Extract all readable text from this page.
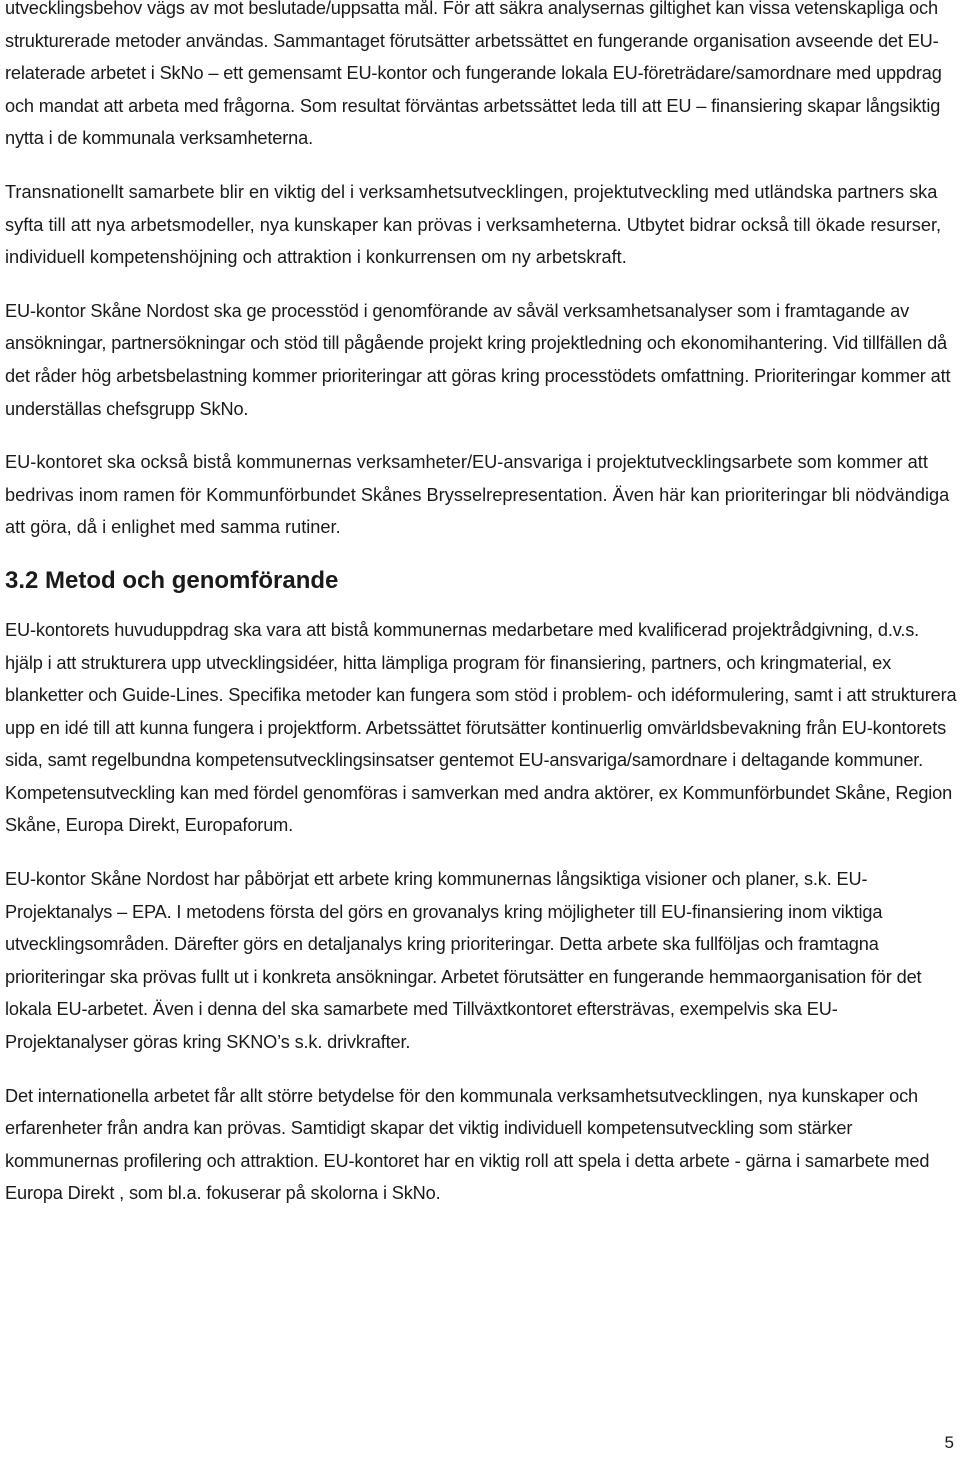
utvecklingsbehov vägs av mot beslutade/uppsatta mål. För att säkra analysernas giltighet kan vissa vetenskapliga och strukturerade metoder användas. Sammantaget förutsätter arbetssättet en fungerande organisation avseende det EU-relaterade arbetet i SkNo – ett gemensamt EU-kontor och fungerande lokala EU-företrädare/samordnare med uppdrag och mandat att arbeta med frågorna. Som resultat förväntas arbetssättet leda till att EU – finansiering skapar långsiktig nytta i de kommunala verksamheterna.

Transnationellt samarbete blir en viktig del i verksamhetsutvecklingen, projektutveckling med utländska partners ska syfta till att nya arbetsmodeller, nya kunskaper kan prövas i verksamheterna. Utbytet bidrar också till ökade resurser, individuell kompetenshöjning och attraktion i konkurrensen om ny arbetskraft.

EU-kontor Skåne Nordost ska ge processtöd i genomförande av såväl verksamhetsanalyser som i framtagande av ansökningar, partnersökningar och stöd till pågående projekt kring projektledning och ekonomihantering. Vid tillfällen då det råder hög arbetsbelastning kommer prioriteringar att göras kring processtödets omfattning. Prioriteringar kommer att underställas chefsgrupp SkNo.

EU-kontoret ska också bistå kommunernas verksamheter/EU-ansvariga i projektutvecklingsarbete som kommer att bedrivas inom ramen för Kommunförbundet Skånes Brysselrepresentation. Även här kan prioriteringar bli nödvändiga att göra, då i enlighet med samma rutiner.

3.2 Metod och genomförande

EU-kontorets huvuduppdrag ska vara att bistå kommunernas medarbetare med kvalificerad projektrådgivning, d.v.s. hjälp i att strukturera upp utvecklingsidéer, hitta lämpliga program för finansiering, partners, och kringmaterial, ex blanketter och Guide-Lines. Specifika metoder kan fungera som stöd i problem- och idéformulering, samt i att strukturera upp en idé till att kunna fungera i projektform. Arbetssättet förutsätter kontinuerlig omvärldsbevakning från EU-kontorets sida, samt regelbundna kompetensutvecklingsinsatser gentemot EU-ansvariga/samordnare i deltagande kommuner. Kompetensutveckling kan med fördel genomföras i samverkan med andra aktörer, ex Kommunförbundet Skåne, Region Skåne, Europa Direkt, Europaforum.

EU-kontor Skåne Nordost har påbörjat ett arbete kring kommunernas långsiktiga visioner och planer, s.k. EU-Projektanalys – EPA. I metodens första del görs en grovanalys kring möjligheter till EU-finansiering inom viktiga utvecklingsområden. Därefter görs en detaljanalys kring prioriteringar. Detta arbete ska fullföljas och framtagna prioriteringar ska prövas fullt ut i konkreta ansökningar. Arbetet förutsätter en fungerande hemmaorganisation för det lokala EU-arbetet. Även i denna del ska samarbete med Tillväxtkontoret eftersträvas, exempelvis ska EU-Projektanalyser göras kring SKNO’s s.k. drivkrafter.

Det internationella arbetet får allt större betydelse för den kommunala verksamhetsutvecklingen, nya kunskaper och erfarenheter från andra kan prövas. Samtidigt skapar det viktig individuell kompetensutveckling som stärker kommunernas profilering och attraktion. EU-kontoret har en viktig roll att spela i detta arbete - gärna i samarbete med Europa Direkt , som bl.a. fokuserar på skolorna i SkNo.

5
